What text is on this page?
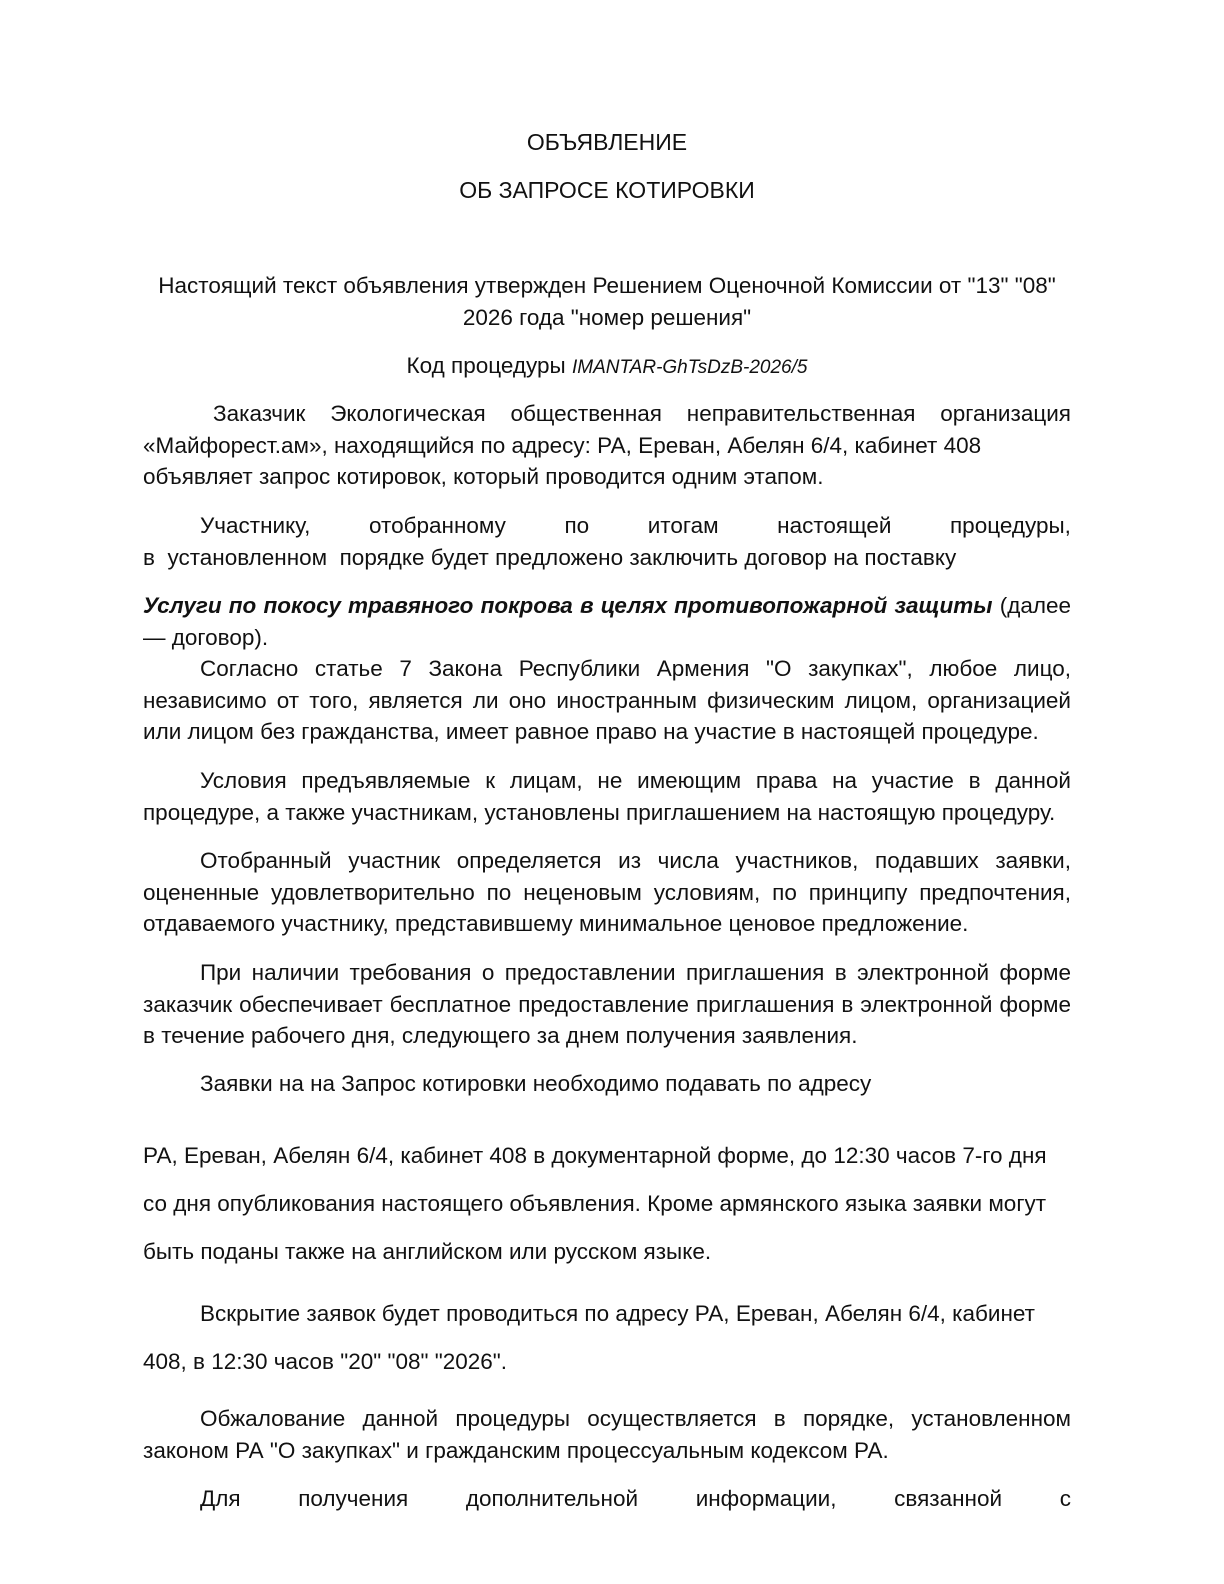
ОБЪЯВЛЕНИЕ
ОБ ЗАПРОСЕ КОТИРОВКИ
Настоящий текст объявления утвержден Решением Оценочной Комиссии от "13" "08"
2026 года "номер решения"
Код процедуры IMANTAR-GhTsDzB-2026/5
Заказчик Экологическая общественная неправительственная организация
«Майфорест.ам», находящийся по адресу: РА, Ереван, Абелян 6/4, кабинет 408
объявляет запрос котировок, который проводится одним этапом.
Участнику,	отобранному	по	итогам	настоящей	процедуры,
в  установленном  порядке будет предложено заключить договор на поставку
Услуги по покосу травяного покрова в целях противопожарной защиты (далее — договор).
Согласно статье 7 Закона Республики Армения "О закупках", любое лицо, независимо от того, является ли оно иностранным физическим лицом, организацией или лицом без гражданства, имеет равное право на участие в настоящей процедуре.
Условия предъявляемые к лицам, не имеющим права на участие в данной процедуре, а также участникам, установлены приглашением на настоящую процедуру.
Отобранный участник определяется из числа участников, подавших заявки, оцененные удовлетворительно по неценовым условиям, по принципу предпочтения, отдаваемого участнику, представившему минимальное ценовое предложение.
При наличии требования о предоставлении приглашения в электронной форме заказчик обеспечивает бесплатное предоставление приглашения в электронной форме в течение рабочего дня, следующего за днем получения заявления.
Заявки на на Запрос котировки необходимо подавать по адресу
РА, Ереван, Абелян 6/4, кабинет 408 в документарной форме, до 12:30 часов 7-го дня
со дня опубликования настоящего объявления. Кроме армянского языка заявки могут
быть поданы также на английском или русском языке.
Вскрытие заявок будет проводиться по адресу РА, Ереван, Абелян 6/4, кабинет
408, в 12:30 часов "20" "08" "2026".
Обжалование данной процедуры осуществляется в порядке, установленном законом РА "О закупках" и гражданским процессуальным кодексом РА.
Для	получения	дополнительной	информации,	связанной	с
